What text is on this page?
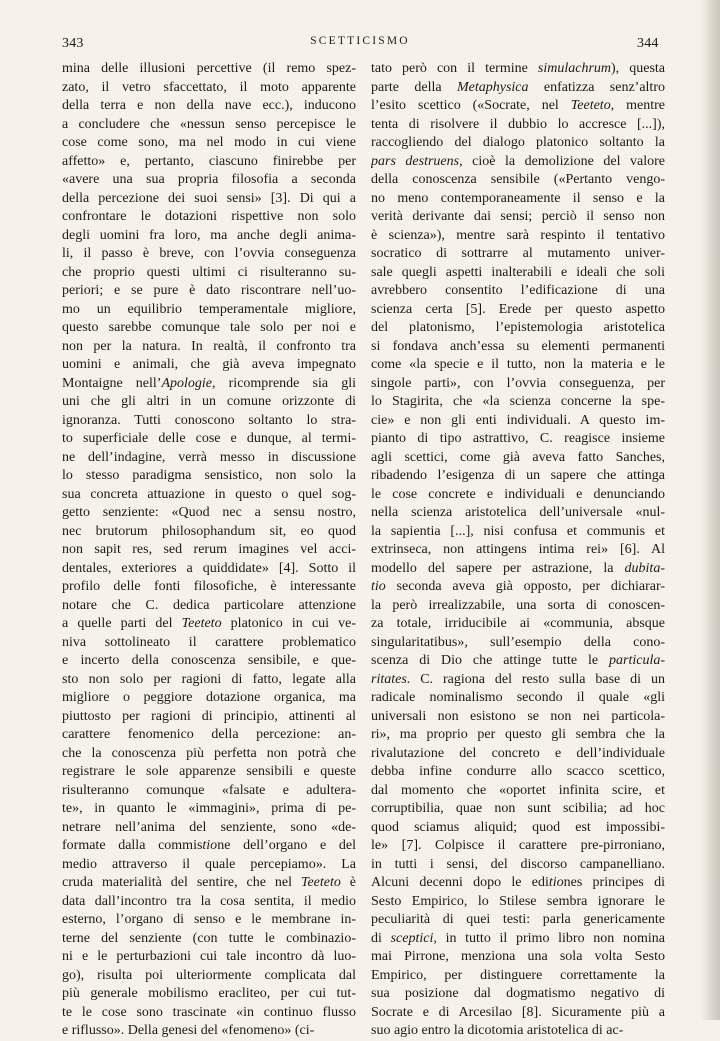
343	SCETTICISMO	344
mina delle illusioni percettive (il remo spez-
zato, il vetro sfaccettato, il moto apparente
della terra e non della nave ecc.), inducono
a concludere che «nessun senso percepisce le
cose come sono, ma nel modo in cui viene
affetto» e, pertanto, ciascuno finirebbe per
«avere una sua propria filosofia a seconda
della percezione dei suoi sensi» [3]. Di qui a
confrontare le dotazioni rispettive non solo
degli uomini fra loro, ma anche degli anima-
li, il passo è breve, con l’ovvia conseguenza
che proprio questi ultimi ci risulteranno su-
periori; e se pure è dato riscontrare nell’uo-
mo un equilibrio temperamentale migliore,
questo sarebbe comunque tale solo per noi e
non per la natura. In realtà, il confronto tra
uomini e animali, che già aveva impegnato
Montaigne nell’Apologie, ricomprende sia gli
uni che gli altri in un comune orizzonte di
ignoranza. Tutti conoscono soltanto lo stra-
to superficiale delle cose e dunque, al termi-
ne dell’indagine, verrà messo in discussione
lo stesso paradigma sensistico, non solo la
sua concreta attuazione in questo o quel sog-
getto senziente: «Quod nec a sensu nostro,
nec brutorum philosophandum sit, eo quod
non sapit res, sed rerum imagines vel acci-
dentales, exteriores a quiddidate» [4]. Sotto il
profilo delle fonti filosofiche, è interessante
notare che C. dedica particolare attenzione
a quelle parti del Teeteto platonico in cui ve-
niva sottolineato il carattere problematico
e incerto della conoscenza sensibile, e que-
sto non solo per ragioni di fatto, legate alla
migliore o peggiore dotazione organica, ma
piuttosto per ragioni di principio, attinenti al
carattere fenomenico della percezione: an-
che la conoscenza più perfetta non potrà che
registrare le sole apparenze sensibili e queste
risulteranno comunque «falsate e adultera-
te», in quanto le «immagini», prima di pe-
netrare nell’anima del senziente, sono «de-
formate dalla commistione dell’organo e del
medio attraverso il quale percepiamo». La
cruda materialità del sentire, che nel Teeteto è
data dall’incontro tra la cosa sentita, il medio
esterno, l’organo di senso e le membrane in-
terne del senziente (con tutte le combinazio-
ni e le perturbazioni cui tale incontro dà luo-
go), risulta poi ulteriormente complicata dal
più generale mobilismo eracliteo, per cui tut-
te le cose sono trascinate «in continuo flusso
e riflusso». Della genesi del «fenomeno» (ci-
tato però con il termine simulachrum), questa
parte della Metaphysica enfatizza senz’altro
l’esito scettico («Socrate, nel Teeteto, mentre
tenta di risolvere il dubbio lo accresce [...]),
raccogliendo del dialogo platonico soltanto la
pars destruens, cioè la demolizione del valore
della conoscenza sensibile («Pertanto vengo-
no meno contemporaneamente il senso e la
verità derivante dai sensi; perciò il senso non
è scienza»), mentre sarà respinto il tentativo
socratico di sottrarre al mutamento univer-
sale quegli aspetti inalterabili e ideali che soli
avrebbero consentito l’edificazione di una
scienza certa [5]. Erede per questo aspetto
del platonismo, l’epistemologia aristotelica
si fondava anch’essa su elementi permanenti
come «la specie e il tutto, non la materia e le
singole parti», con l’ovvia conseguenza, per
lo Stagirita, che «la scienza concerne la spe-
cie» e non gli enti individuali. A questo im-
pianto di tipo astrattivo, C. reagisce insieme
agli scettici, come già aveva fatto Sanches,
ribadendo l’esigenza di un sapere che attinga
le cose concrete e individuali e denunciando
nella scienza aristotelica dell’universale «nul-
la sapientia [...], nisi confusa et communis et
extrinseca, non attingens intima rei» [6]. Al
modello del sapere per astrazione, la dubita-
tio seconda aveva già opposto, per dichiarar-
la però irrealizzabile, una sorta di conoscen-
za totale, irriducibile ai «communia, absque
singularitatibus», sull’esempio della cono-
scenza di Dio che attinge tutte le particula-
ritates. C. ragiona del resto sulla base di un
radicale nominalismo secondo il quale «gli
universali non esistono se non nei particola-
ri», ma proprio per questo gli sembra che la
rivalutazione del concreto e dell’individuale
debba infine condurre allo scacco scettico,
dal momento che «oportet infinita scire, et
corruptibilia, quae non sunt scibilia; ad hoc
quod sciamus aliquid; quod est impossibi-
le» [7]. Colpisce il carattere pre-pirroniano,
in tutti i sensi, del discorso campanelliano.
Alcuni decenni dopo le editiones principes di
Sesto Empirico, lo Stilese sembra ignorare le
peculiarità di quei testi: parla genericamente
di sceptici, in tutto il primo libro non nomina
mai Pirrone, menziona una sola volta Sesto
Empirico, per distinguere correttamente la
sua posizione dal dogmatismo negativo di
Socrate e di Arcesilao [8]. Sicuramente più a
suo agio entro la dicotomia aristotelica di ac-
